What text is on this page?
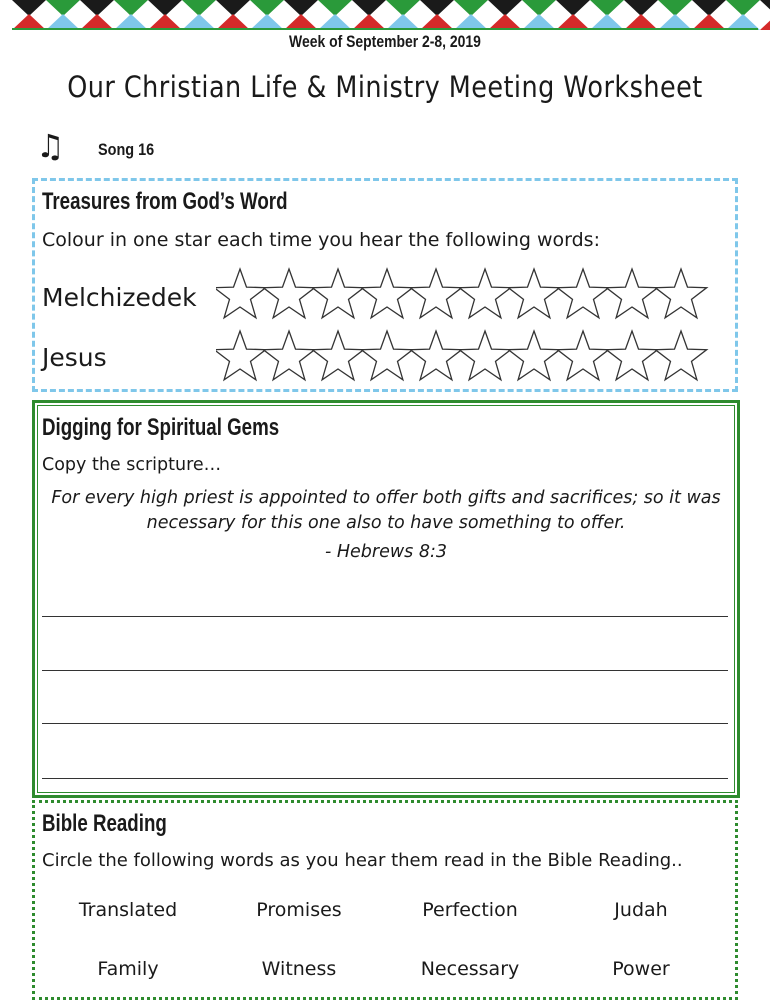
Week of September 2-8, 2019
Our Christian Life & Ministry Meeting Worksheet
♫ Song 16
Treasures from God’s Word
Colour in one star each time you hear the following words:
Melchizedek
Jesus
Digging for Spiritual Gems
Copy the scripture…
For every high priest is appointed to offer both gifts and sacrifices; so it was necessary for this one also to have something to offer.
- Hebrews 8:3
Bible Reading
Circle the following words as you hear them read in the Bible Reading..
Translated	Promises	Perfection	Judah
Family	Witness	Necessary	Power
